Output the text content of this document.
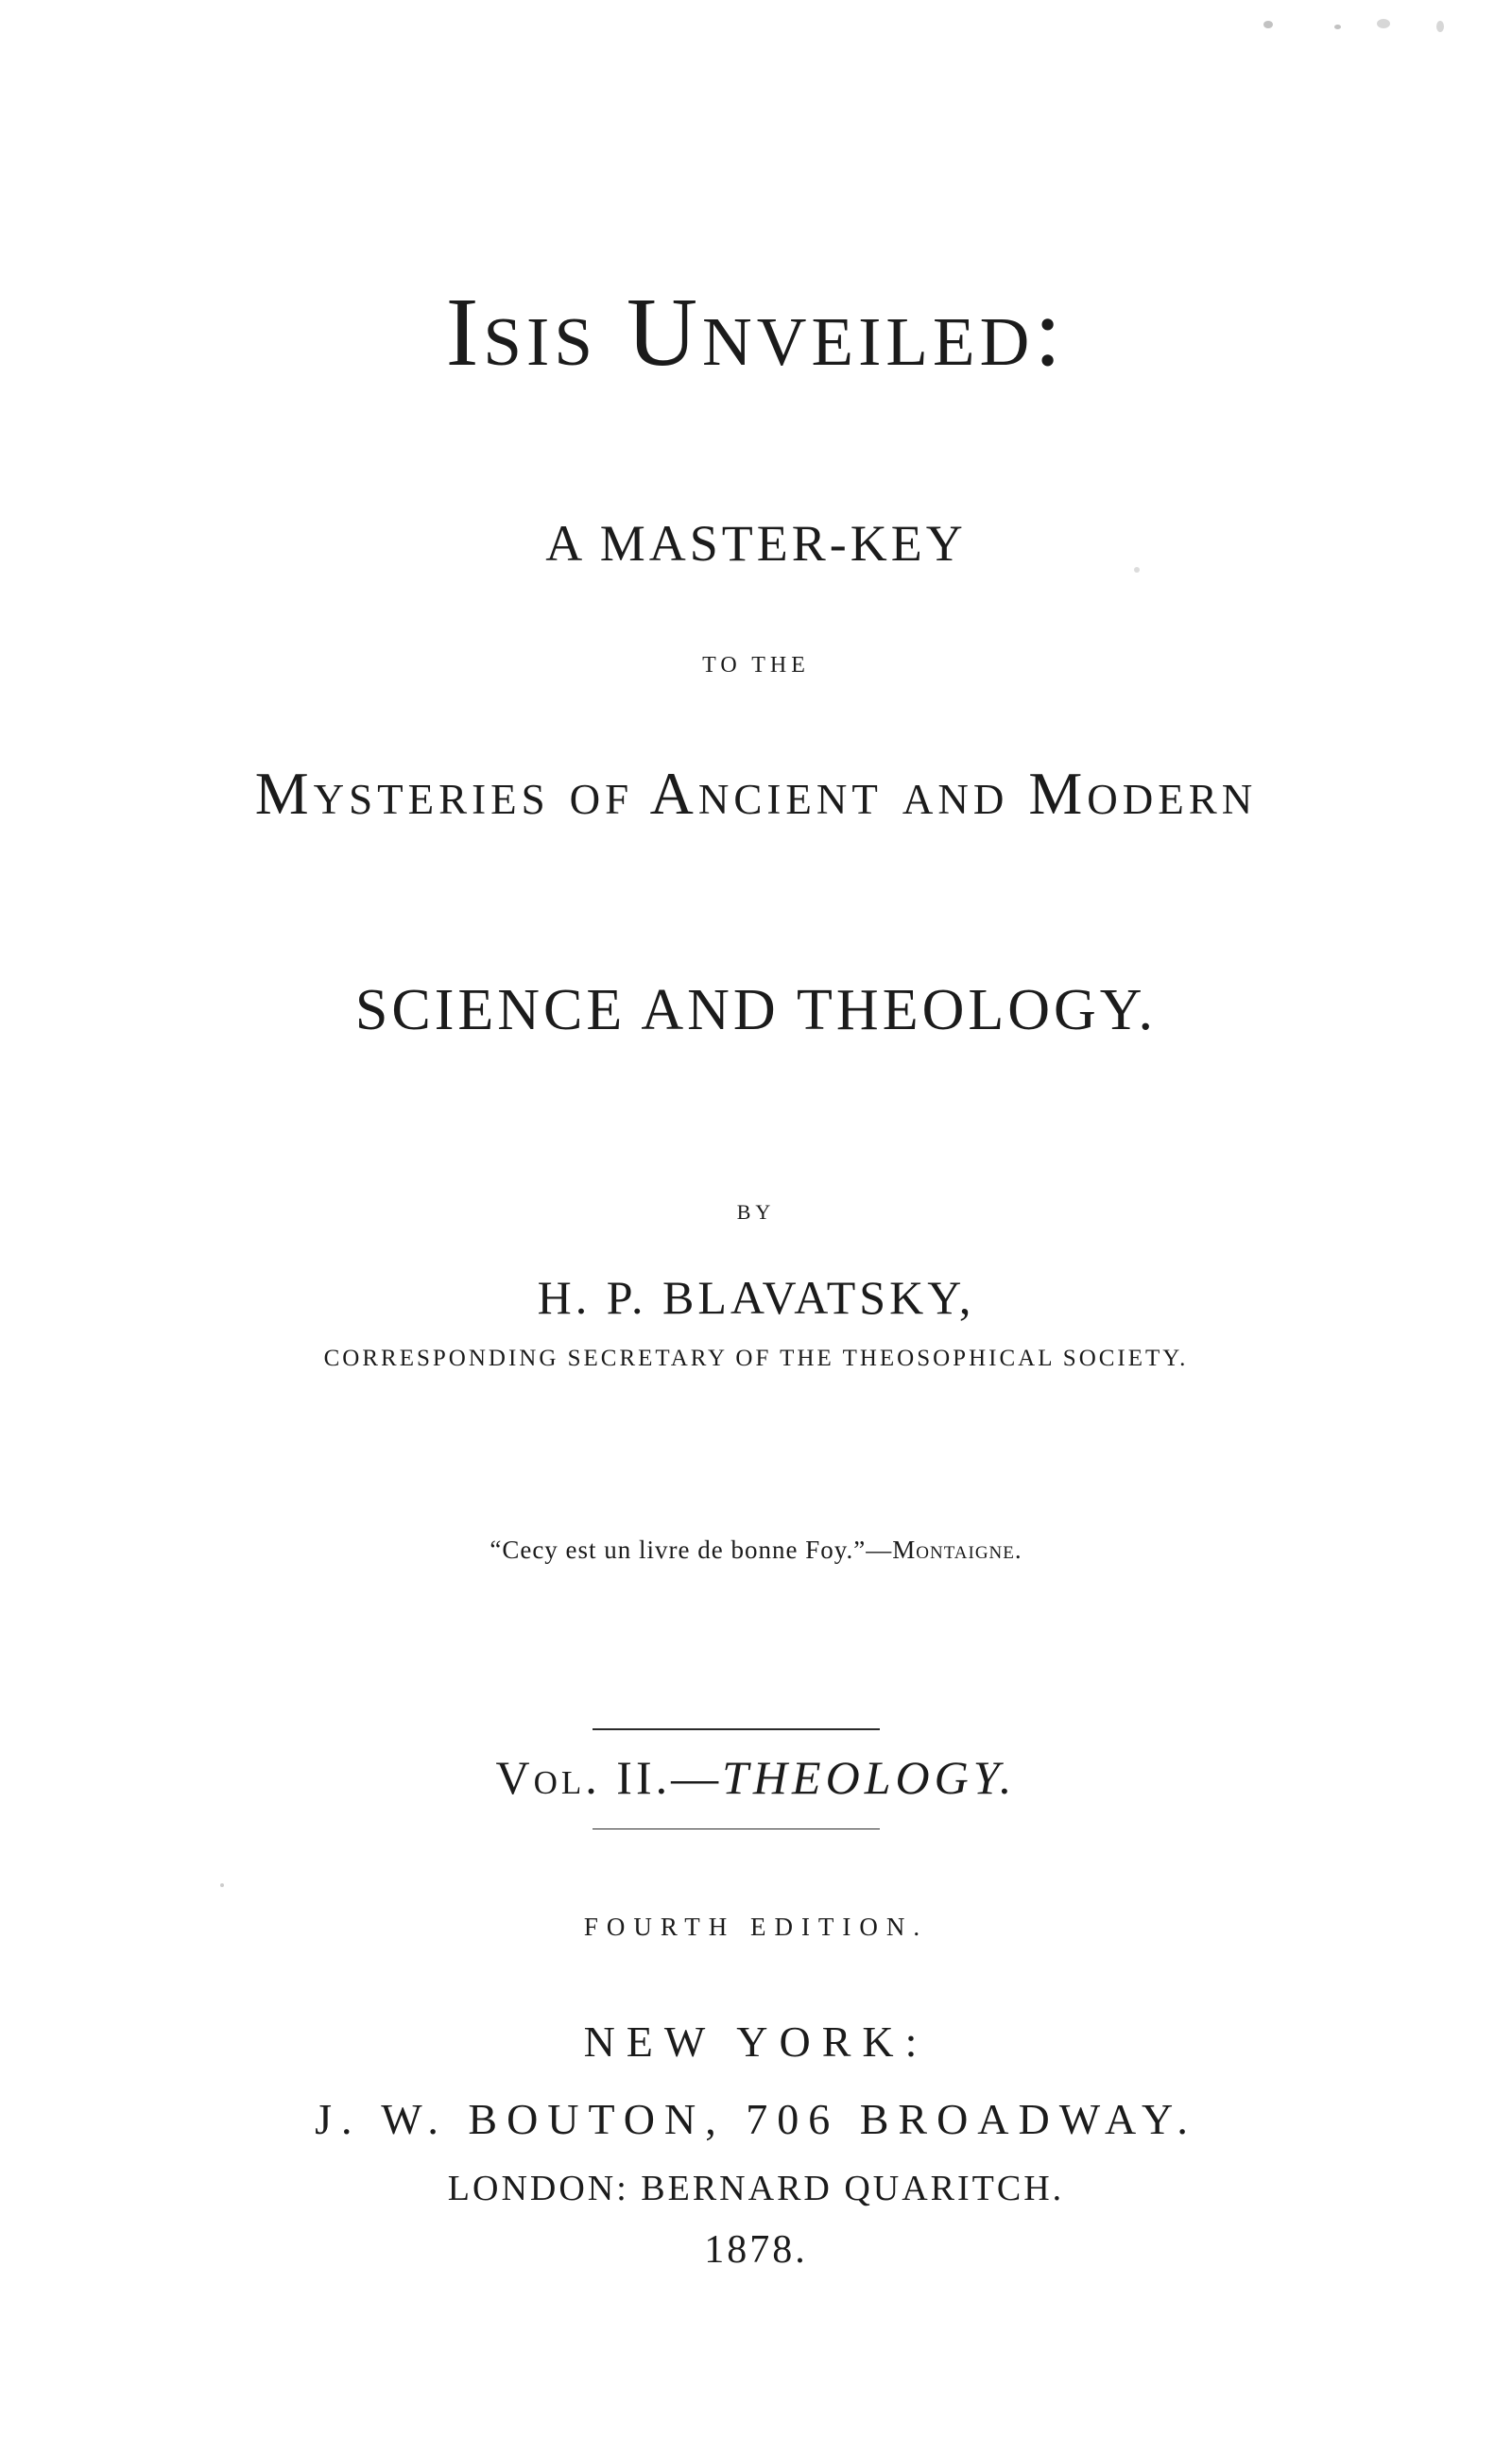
Isis Unveiled:
A MASTER-KEY
TO THE
Mysteries of Ancient and Modern
SCIENCE AND THEOLOGY.
BY
H. P. BLAVATSKY,
CORRESPONDING SECRETARY OF THE THEOSOPHICAL SOCIETY.
“Cecy est un livre de bonne Foy.”—Montaigne.
Vol. II.—THEOLOGY.
FOURTH EDITION.
NEW YORK:
J. W. BOUTON, 706 BROADWAY.
LONDON: BERNARD QUARITCH.
1878.
